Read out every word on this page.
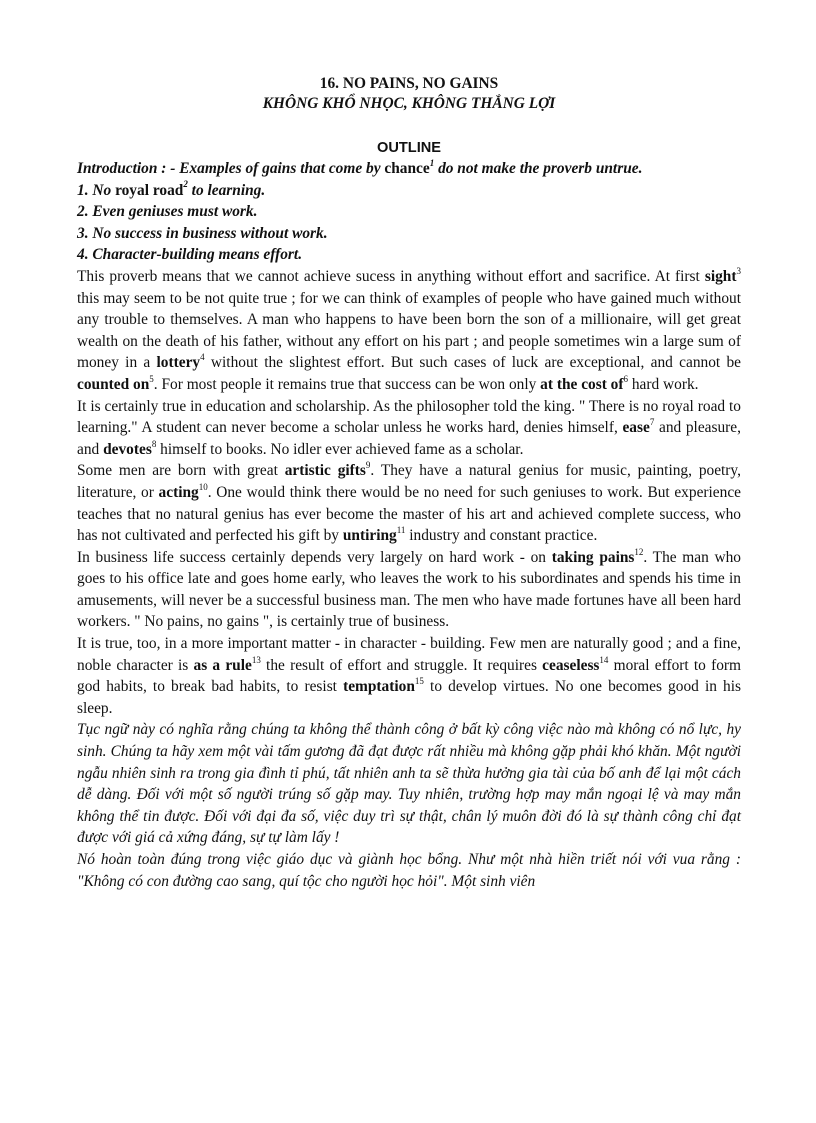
16. NO PAINS, NO GAINS
KHÔNG KHỔ NHỌC, KHÔNG THẮNG LỢI
OUTLINE
Introduction : - Examples of gains that come by chance$^1$ do not make the proverb untrue.
1. No royal road$^2$ to learning.
2. Even geniuses must work.
3. No success in business without work.
4. Character-building means effort.

This proverb means that we cannot achieve sucess in anything without effort and sacrifice. At first sight$^3$ this may seem to be not quite true ; for we can think of examples of people who have gained much without any trouble to themselves. A man who happens to have been born the son of a millionaire, will get great wealth on the death of his father, without any effort on his part ; and people sometimes win a large sum of money in a lottery$^4$ without the slightest effort. But such cases of luck are exceptional, and cannot be counted $on^5$. For most people it remains true that success can be won only at the cost $of^6$ hard work.

It is certainly true in education and scholarship. As the philosopher told the king. " There is no royal road to learning." A student can never become a scholar unless he works hard, denies himself, ease$^7$ and pleasure, and devotes$^8$ himself to books. No idler ever achieved fame as a scholar.

Some men are born with great artistic gifts$^9$. They have a natural genius for music, painting, poetry, literature, or acting$^{10}$. One would think there would be no need for such geniuses to work. But experience teaches that no natural genius has ever become the master of his art and achieved complete success, who has not cultivated and perfected his gift by untiring$^{11}$ industry and constant practice.

In business life success certainly depends very largely on hard work - on taking pains$^{12}$. The man who goes to his office late and goes home early, who leaves the work to his subordinates and spends his time in amusements, will never be a successful business man. The men who have made fortunes have all been hard workers. " No pains, no gains ", is certainly true of business.

It is true, too, in a more important matter - in character - building. Few men are naturally good ; and a fine, noble character is as a rule$^{13}$ the result of effort and struggle. It requires ceaseless$^{14}$ moral effort to form god habits, to break bad habits, to resist temptation$^{15}$ to develop virtues. No one becomes good in his sleep.

Tục ngữ này có nghĩa rằng chúng ta không thể thành công ở bất kỳ công việc nào mà không có nổ lực, hy sinh. Chúng ta hãy xem một vài tấm gương đã đạt được rất nhiều mà không gặp phải khó khăn. Một người ngẫu nhiên sinh ra trong gia đình tỉ phú, tất nhiên anh ta sẽ thừa hưởng gia tài của bố anh để lại một cách dễ dàng. Đối với một số người trúng số gặp may. Tuy nhiên, trường hợp may mắn ngoại lệ và may mắn không thể tin được. Đối với đại đa số, việc duy trì sự thật, chân lý muôn đời đó là sự thành công chỉ đạt được với giá cả xứng đáng, sự tự làm lấy !

Nó hoàn toàn đúng trong việc giáo dục và giành học bổng. Như một nhà hiền triết nói với vua rằng : "Không có con đường cao sang, quí tộc cho người học hỏi". Một sinh viên
